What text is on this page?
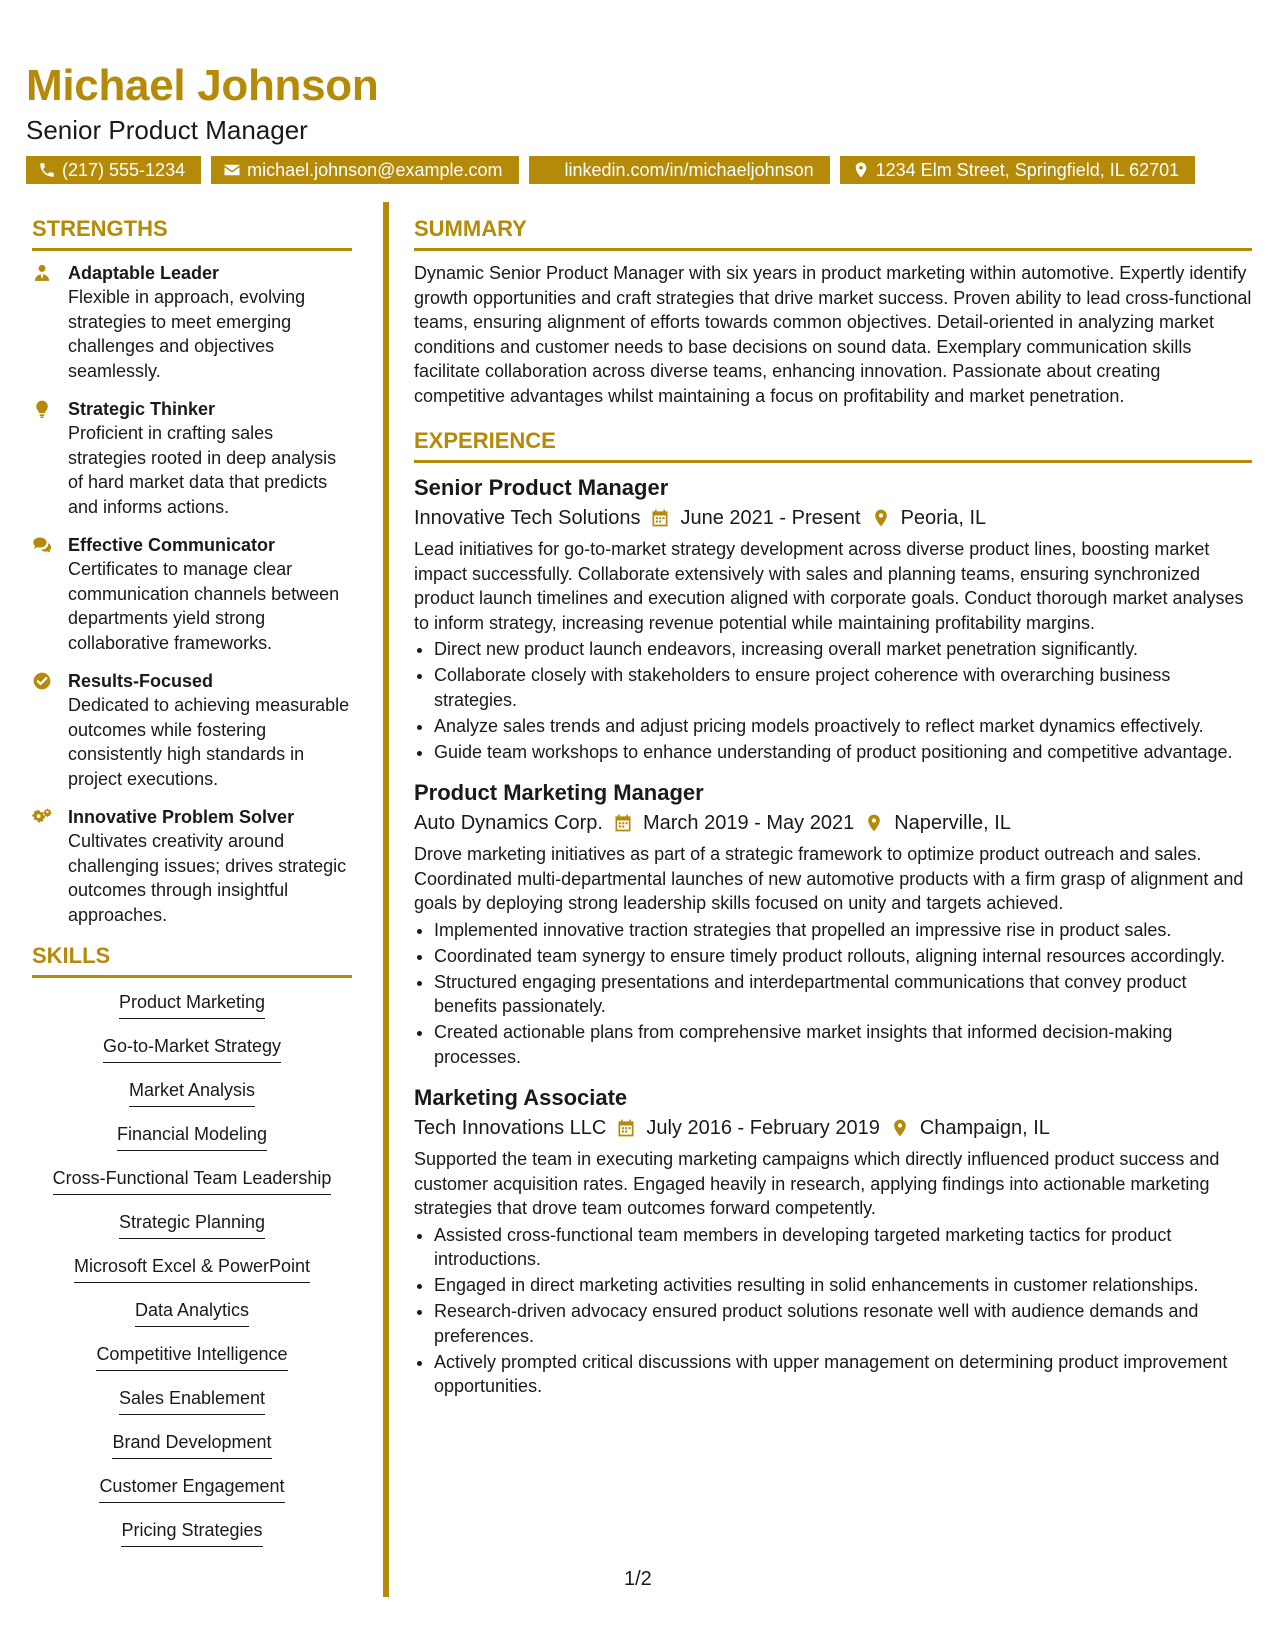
Michael Johnson
Senior Product Manager
(217) 555-1234	michael.johnson@example.com	linkedin.com/in/michaeljohnson	1234 Elm Street, Springfield, IL 62701
STRENGTHS
Adaptable Leader
Flexible in approach, evolving strategies to meet emerging challenges and objectives seamlessly.
Strategic Thinker
Proficient in crafting sales strategies rooted in deep analysis of hard market data that predicts and informs actions.
Effective Communicator
Certificates to manage clear communication channels between departments yield strong collaborative frameworks.
Results-Focused
Dedicated to achieving measurable outcomes while fostering consistently high standards in project executions.
Innovative Problem Solver
Cultivates creativity around challenging issues; drives strategic outcomes through insightful approaches.
SKILLS
Product Marketing
Go-to-Market Strategy
Market Analysis
Financial Modeling
Cross-Functional Team Leadership
Strategic Planning
Microsoft Excel & PowerPoint
Data Analytics
Competitive Intelligence
Sales Enablement
Brand Development
Customer Engagement
Pricing Strategies
SUMMARY
Dynamic Senior Product Manager with six years in product marketing within automotive. Expertly identify growth opportunities and craft strategies that drive market success. Proven ability to lead cross-functional teams, ensuring alignment of efforts towards common objectives. Detail-oriented in analyzing market conditions and customer needs to base decisions on sound data. Exemplary communication skills facilitate collaboration across diverse teams, enhancing innovation. Passionate about creating competitive advantages whilst maintaining a focus on profitability and market penetration.
EXPERIENCE
Senior Product Manager
Innovative Tech Solutions June 2021 - Present Peoria, IL
Lead initiatives for go-to-market strategy development across diverse product lines, boosting market impact successfully. Collaborate extensively with sales and planning teams, ensuring synchronized product launch timelines and execution aligned with corporate goals. Conduct thorough market analyses to inform strategy, increasing revenue potential while maintaining profitability margins.
• Direct new product launch endeavors, increasing overall market penetration significantly.
• Collaborate closely with stakeholders to ensure project coherence with overarching business strategies.
• Analyze sales trends and adjust pricing models proactively to reflect market dynamics effectively.
• Guide team workshops to enhance understanding of product positioning and competitive advantage.
Product Marketing Manager
Auto Dynamics Corp. March 2019 - May 2021 Naperville, IL
Drove marketing initiatives as part of a strategic framework to optimize product outreach and sales. Coordinated multi-departmental launches of new automotive products with a firm grasp of alignment and goals by deploying strong leadership skills focused on unity and targets achieved.
• Implemented innovative traction strategies that propelled an impressive rise in product sales.
• Coordinated team synergy to ensure timely product rollouts, aligning internal resources accordingly.
• Structured engaging presentations and interdepartmental communications that convey product benefits passionately.
• Created actionable plans from comprehensive market insights that informed decision-making processes.
Marketing Associate
Tech Innovations LLC July 2016 - February 2019 Champaign, IL
Supported the team in executing marketing campaigns which directly influenced product success and customer acquisition rates. Engaged heavily in research, applying findings into actionable marketing strategies that drove team outcomes forward competently.
• Assisted cross-functional team members in developing targeted marketing tactics for product introductions.
• Engaged in direct marketing activities resulting in solid enhancements in customer relationships.
• Research-driven advocacy ensured product solutions resonate well with audience demands and preferences.
• Actively prompted critical discussions with upper management on determining product improvement opportunities.
1/2
